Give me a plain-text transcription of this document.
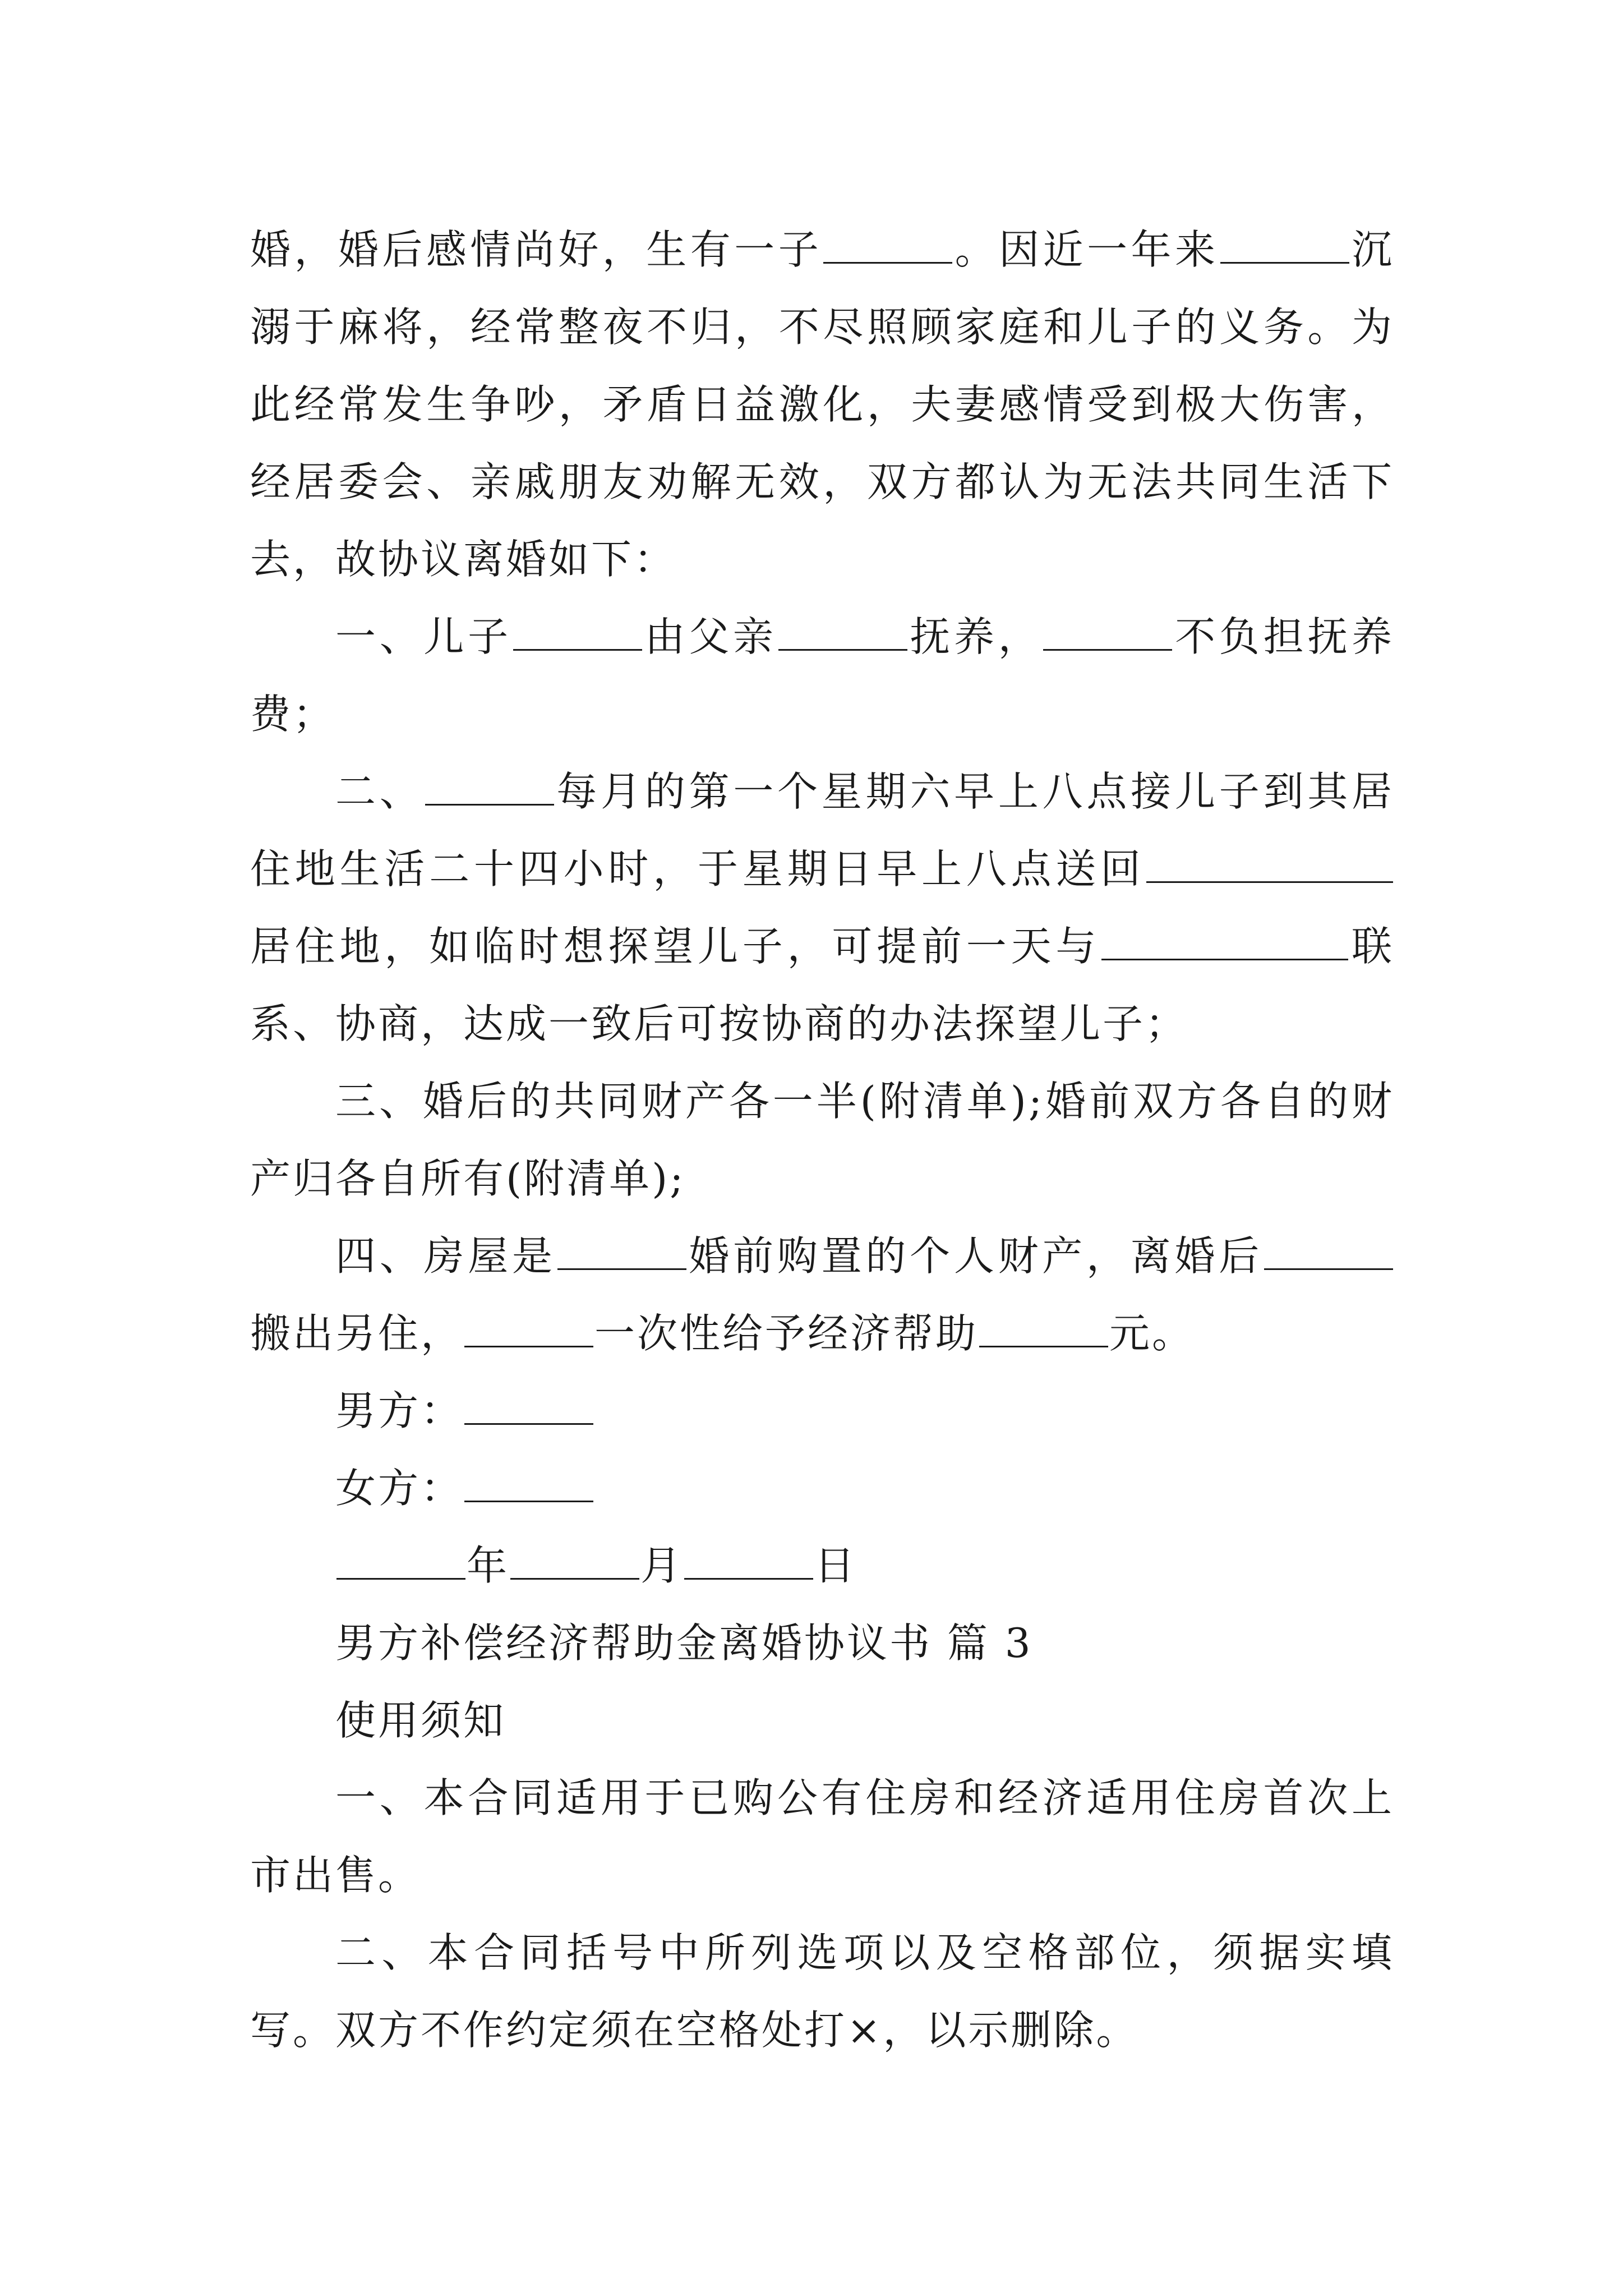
婚，婚后感情尚好，生有一子	。因近一年来	沉溺于麻将，经常整夜不归，不尽照顾家庭和儿子的义务。为此经常发生争吵，矛盾日益激化，夫妻感情受到极大伤害，经居委会、亲戚朋友劝解无效，双方都认为无法共同生活下去，故协议离婚如下：

一、儿子	由父亲	抚养，	不负担抚养费；

二、	每月的第一个星期六早上八点接儿子到其居住地生活二十四小时，于星期日早上八点送回居住地，如临时想探望儿子，可提前一天与	联系、协商，达成一致后可按协商的办法探望儿子；

三、婚后的共同财产各一半(附清单);婚前双方各自的财产归各自所有(附清单);

四、房屋是	婚前购置的个人财产，离婚后搬出另住，	一次性给予经济帮助	元。

男方：

女方：

年	月	日

男方补偿经济帮助金离婚协议书 篇 3

使用须知

一、本合同适用于已购公有住房和经济适用住房首次上市出售。

二、本合同括号中所列选项以及空格部位，须据实填写。双方不作约定须在空格处打×，以示删除。
